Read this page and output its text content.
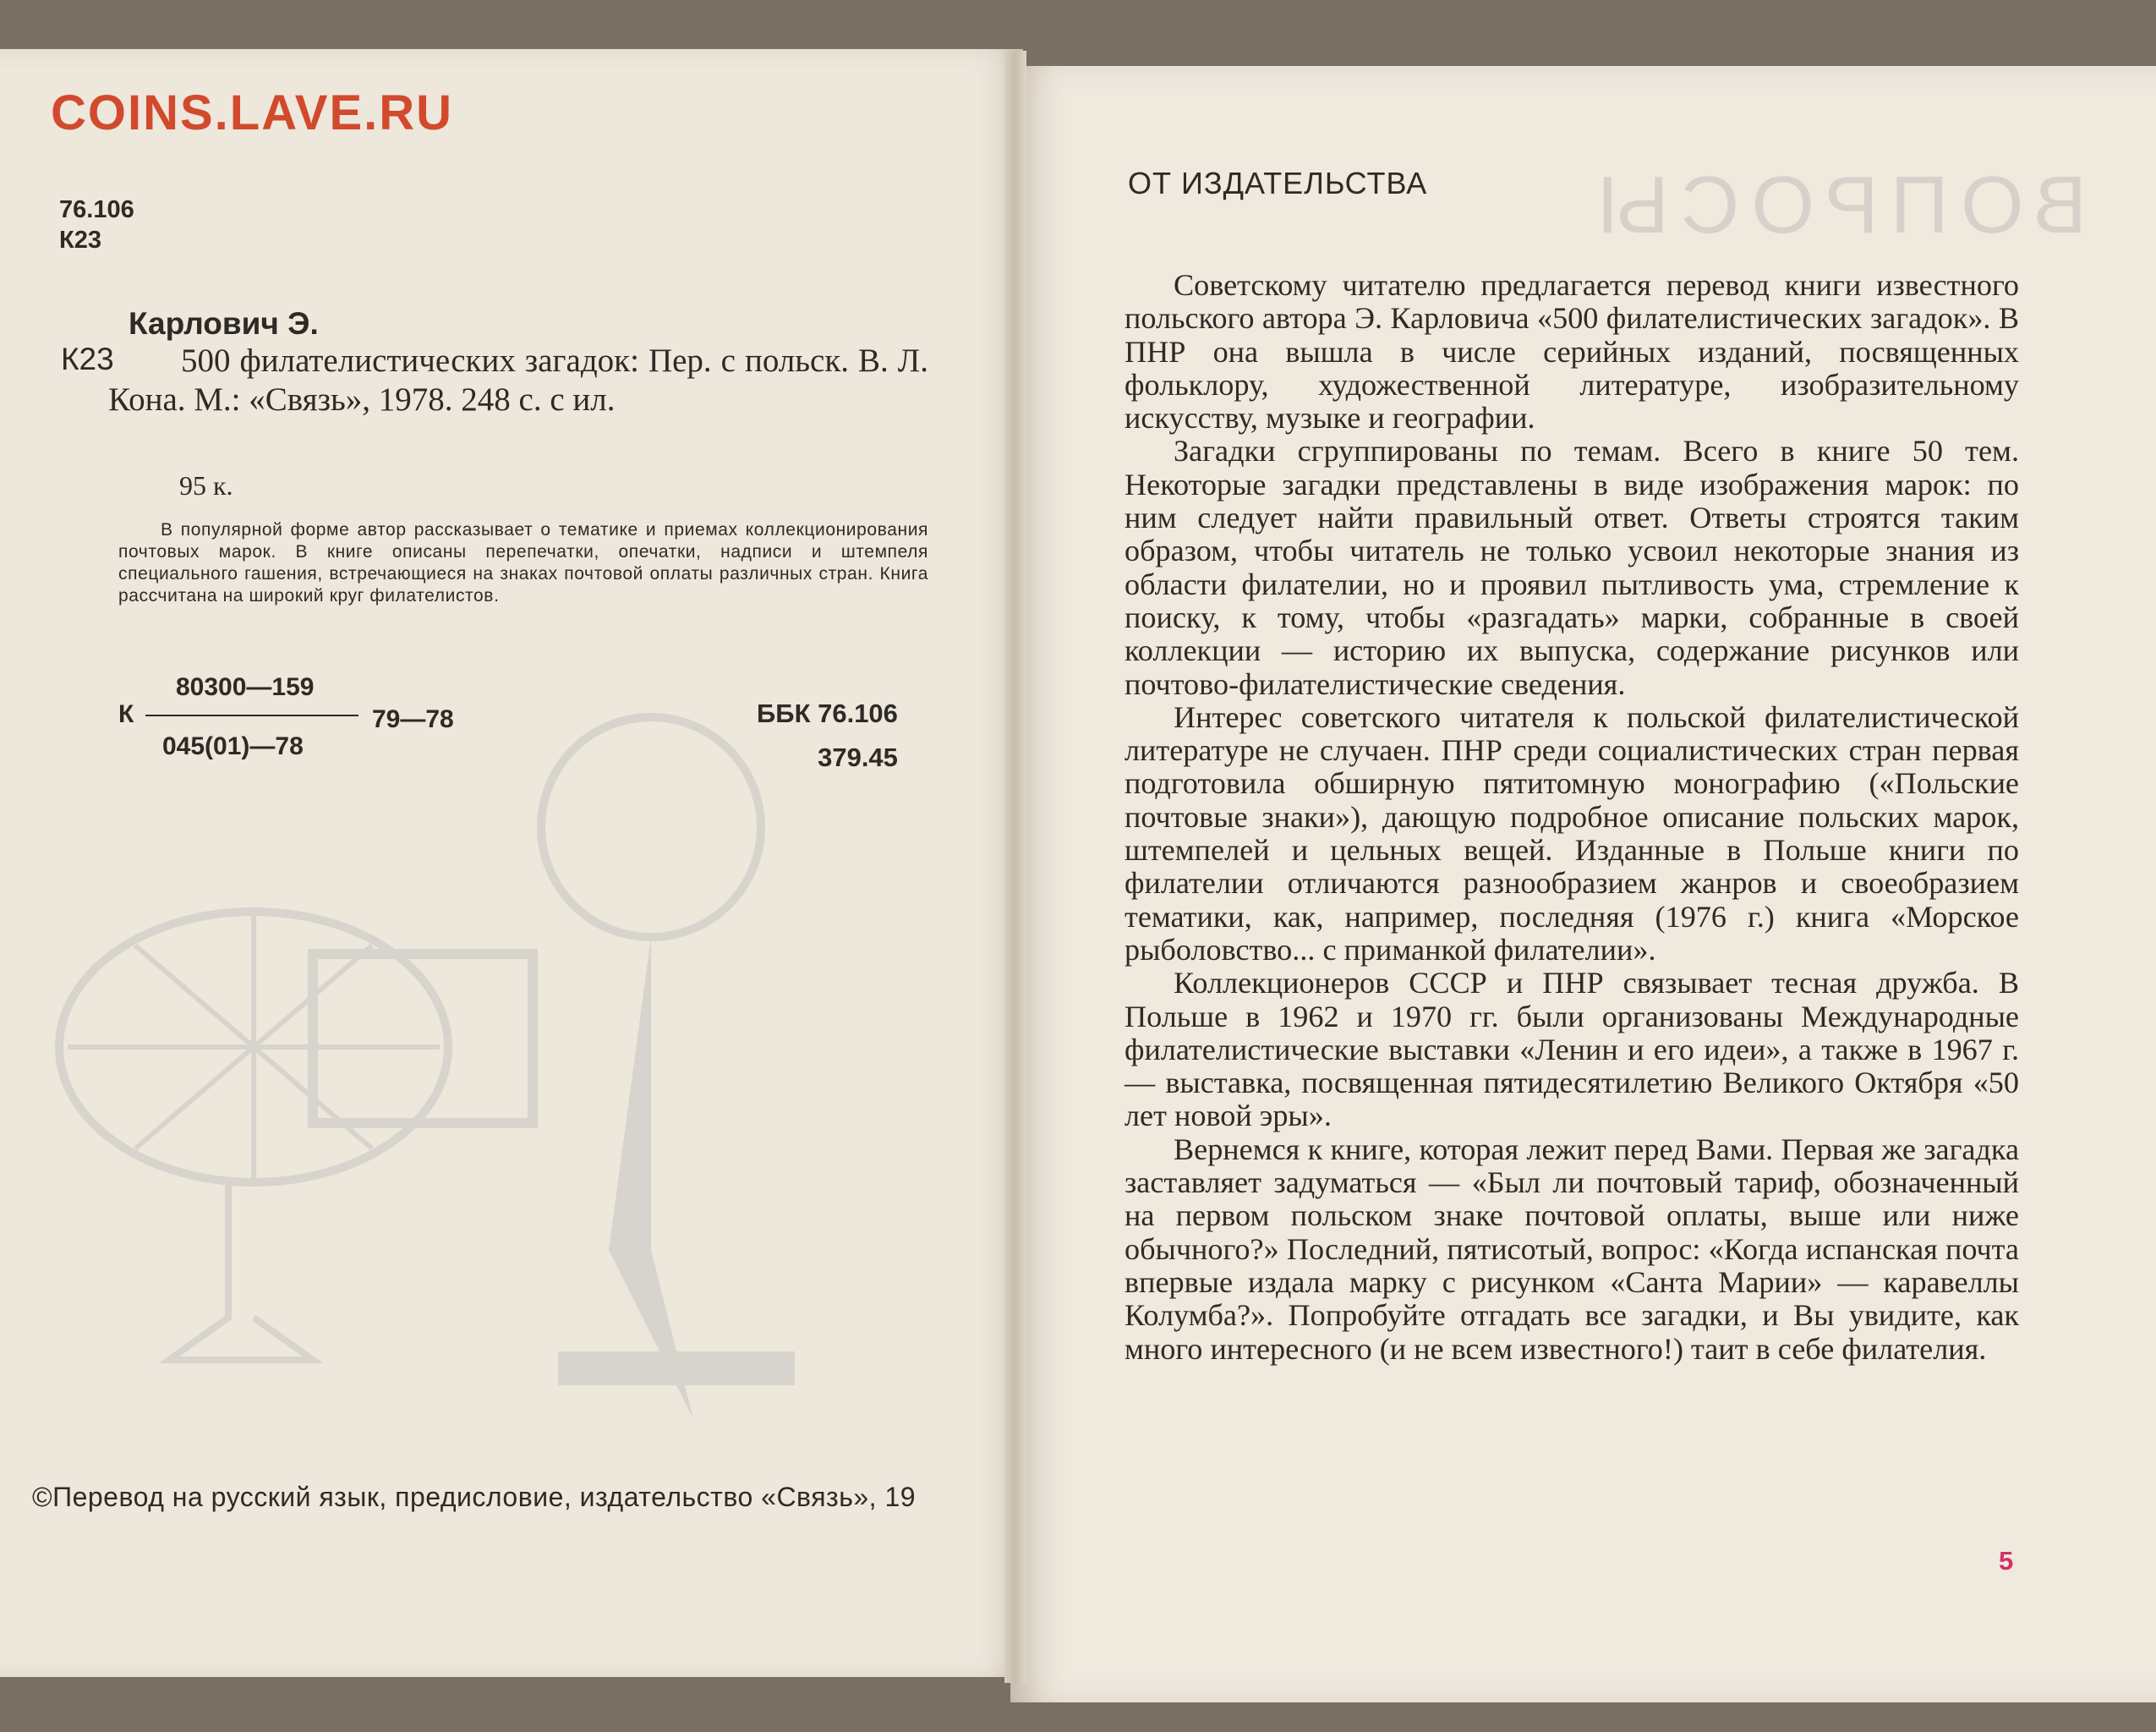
COINS.LAVE.RU
76.106
К23	ВОПРОСЫ
Карлович Э.
К23	500 филателистических загадок: Пер. с польск. В. Л. Кона. М.: «Связь», 1978. 248 с. с ил.
95 к.
В популярной форме автор рассказывает о тематике и приемах коллекционирования почтовых марок. В книге описаны перепечатки, опечатки, надписи и штемпеля специального гашения, встречающиеся на знаках почтовой оплаты различных стран. Книга рассчитана на широкий круг филателистов.
К
80300—159
045(01)—78
79—78	ББК 76.106
379.45
©Перевод на русский язык, предисловие, издательство «Связь», 19
ОТ ИЗДАТЕЛЬСТВА

Советскому читателю предлагается перевод книги известного польского автора Э. Карловича «500 филателистических загадок». В ПНР она вышла в числе серийных изданий, посвященных фольклору, художественной литературе, изобразительному искусству, музыке и географии.

Загадки сгруппированы по темам. Всего в книге 50 тем. Некоторые загадки представлены в виде изображения марок: по ним следует найти правильный ответ. Ответы строятся таким образом, чтобы читатель не только усвоил некоторые знания из области филателии, но и проявил пытливость ума, стремление к поиску, к тому, чтобы «разгадать» марки, собранные в своей коллекции — историю их выпуска, содержание рисунков или почтово-филателистические сведения.

Интерес советского читателя к польской филателистической литературе не случаен. ПНР среди социалистических стран первая подготовила обширную пятитомную монографию («Польские почтовые знаки»), дающую подробное описание польских марок, штемпелей и цельных вещей. Изданные в Польше книги по филателии отличаются разнообразием жанров и своеобразием тематики, как, например, последняя (1976 г.) книга «Морское рыболовство... с приманкой филателии».

Коллекционеров СССР и ПНР связывает тесная дружба. В Польше в 1962 и 1970 гг. были организованы Международные филателистические выставки «Ленин и его идеи», а также в 1967 г. — выставка, посвященная пятидесятилетию Великого Октября «50 лет новой эры».

Вернемся к книге, которая лежит перед Вами. Первая же загадка заставляет задуматься — «Был ли почтовый тариф, обозначенный на первом польском знаке почтовой оплаты, выше или ниже обычного?» Последний, пятисотый, вопрос: «Когда испанская почта впервые издала марку с рисунком «Санта Марии» — каравеллы Колумба?». Попробуйте отгадать все загадки, и Вы увидите, как много интересного (и не всем известного!) таит в себе филателия.

5
